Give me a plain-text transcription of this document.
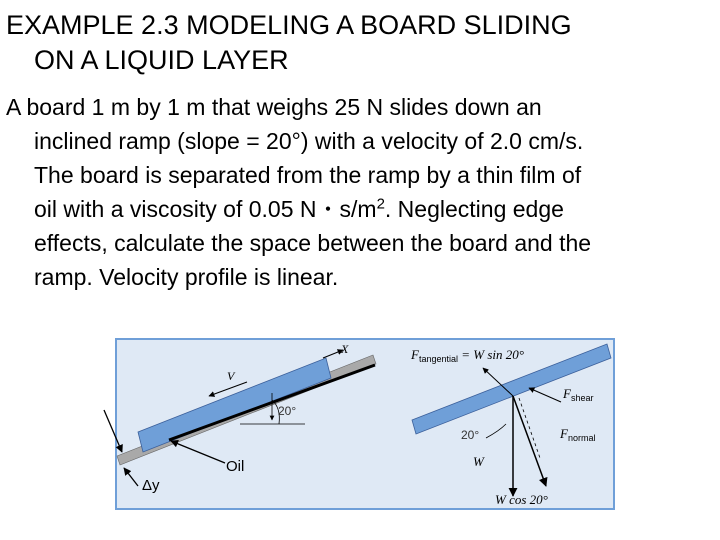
EXAMPLE 2.3 MODELING A BOARD SLIDING

ON A LIQUID LAYER

A board 1 m by 1 m that weighs 25 N slides down an
inclined ramp (slope = 20°) with a velocity of 2.0 cm/s.
The board is separated from the ramp by a thin film of
oil with a viscosity of 0.05 N・$s/m^2$. Neglecting edge
effects, calculate the space between the board and the
ramp. Velocity profile is linear.

X
V
20°
$F_{tangential} = W$ sin 20°
$F_{shear}$
20°	$F_{normal}$
W
W cos 20°
Δy
Oil
